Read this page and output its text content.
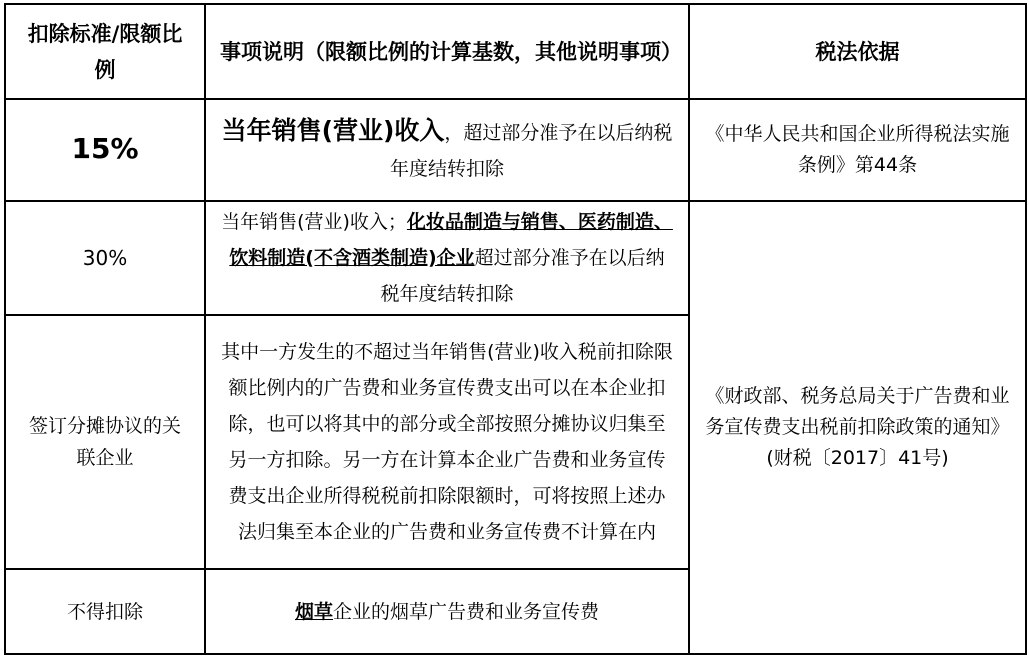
扣除标准/限额比例	事项说明（限额比例的计算基数，其他说明事项）	税法依据
15%	当年销售(营业)收入，超过部分准予在以后纳税年度结转扣除	《中华人民共和国企业所得税法实施条例》第44条
30%	当年销售(营业)收入；化妆品制造与销售、医药制造、饮料制造(不含酒类制造)企业超过部分准予在以后纳税年度结转扣除	《财政部、税务总局关于广告费和业务宣传费支出税前扣除政策的通知》(财税〔2017〕41号)
签订分摊协议的关联企业	其中一方发生的不超过当年销售(营业)收入税前扣除限额比例内的广告费和业务宣传费支出可以在本企业扣除，也可以将其中的部分或全部按照分摊协议归集至另一方扣除。另一方在计算本企业广告费和业务宣传费支出企业所得税税前扣除限额时，可将按照上述办法归集至本企业的广告费和业务宣传费不计算在内	
不得扣除	烟草企业的烟草广告费和业务宣传费	
